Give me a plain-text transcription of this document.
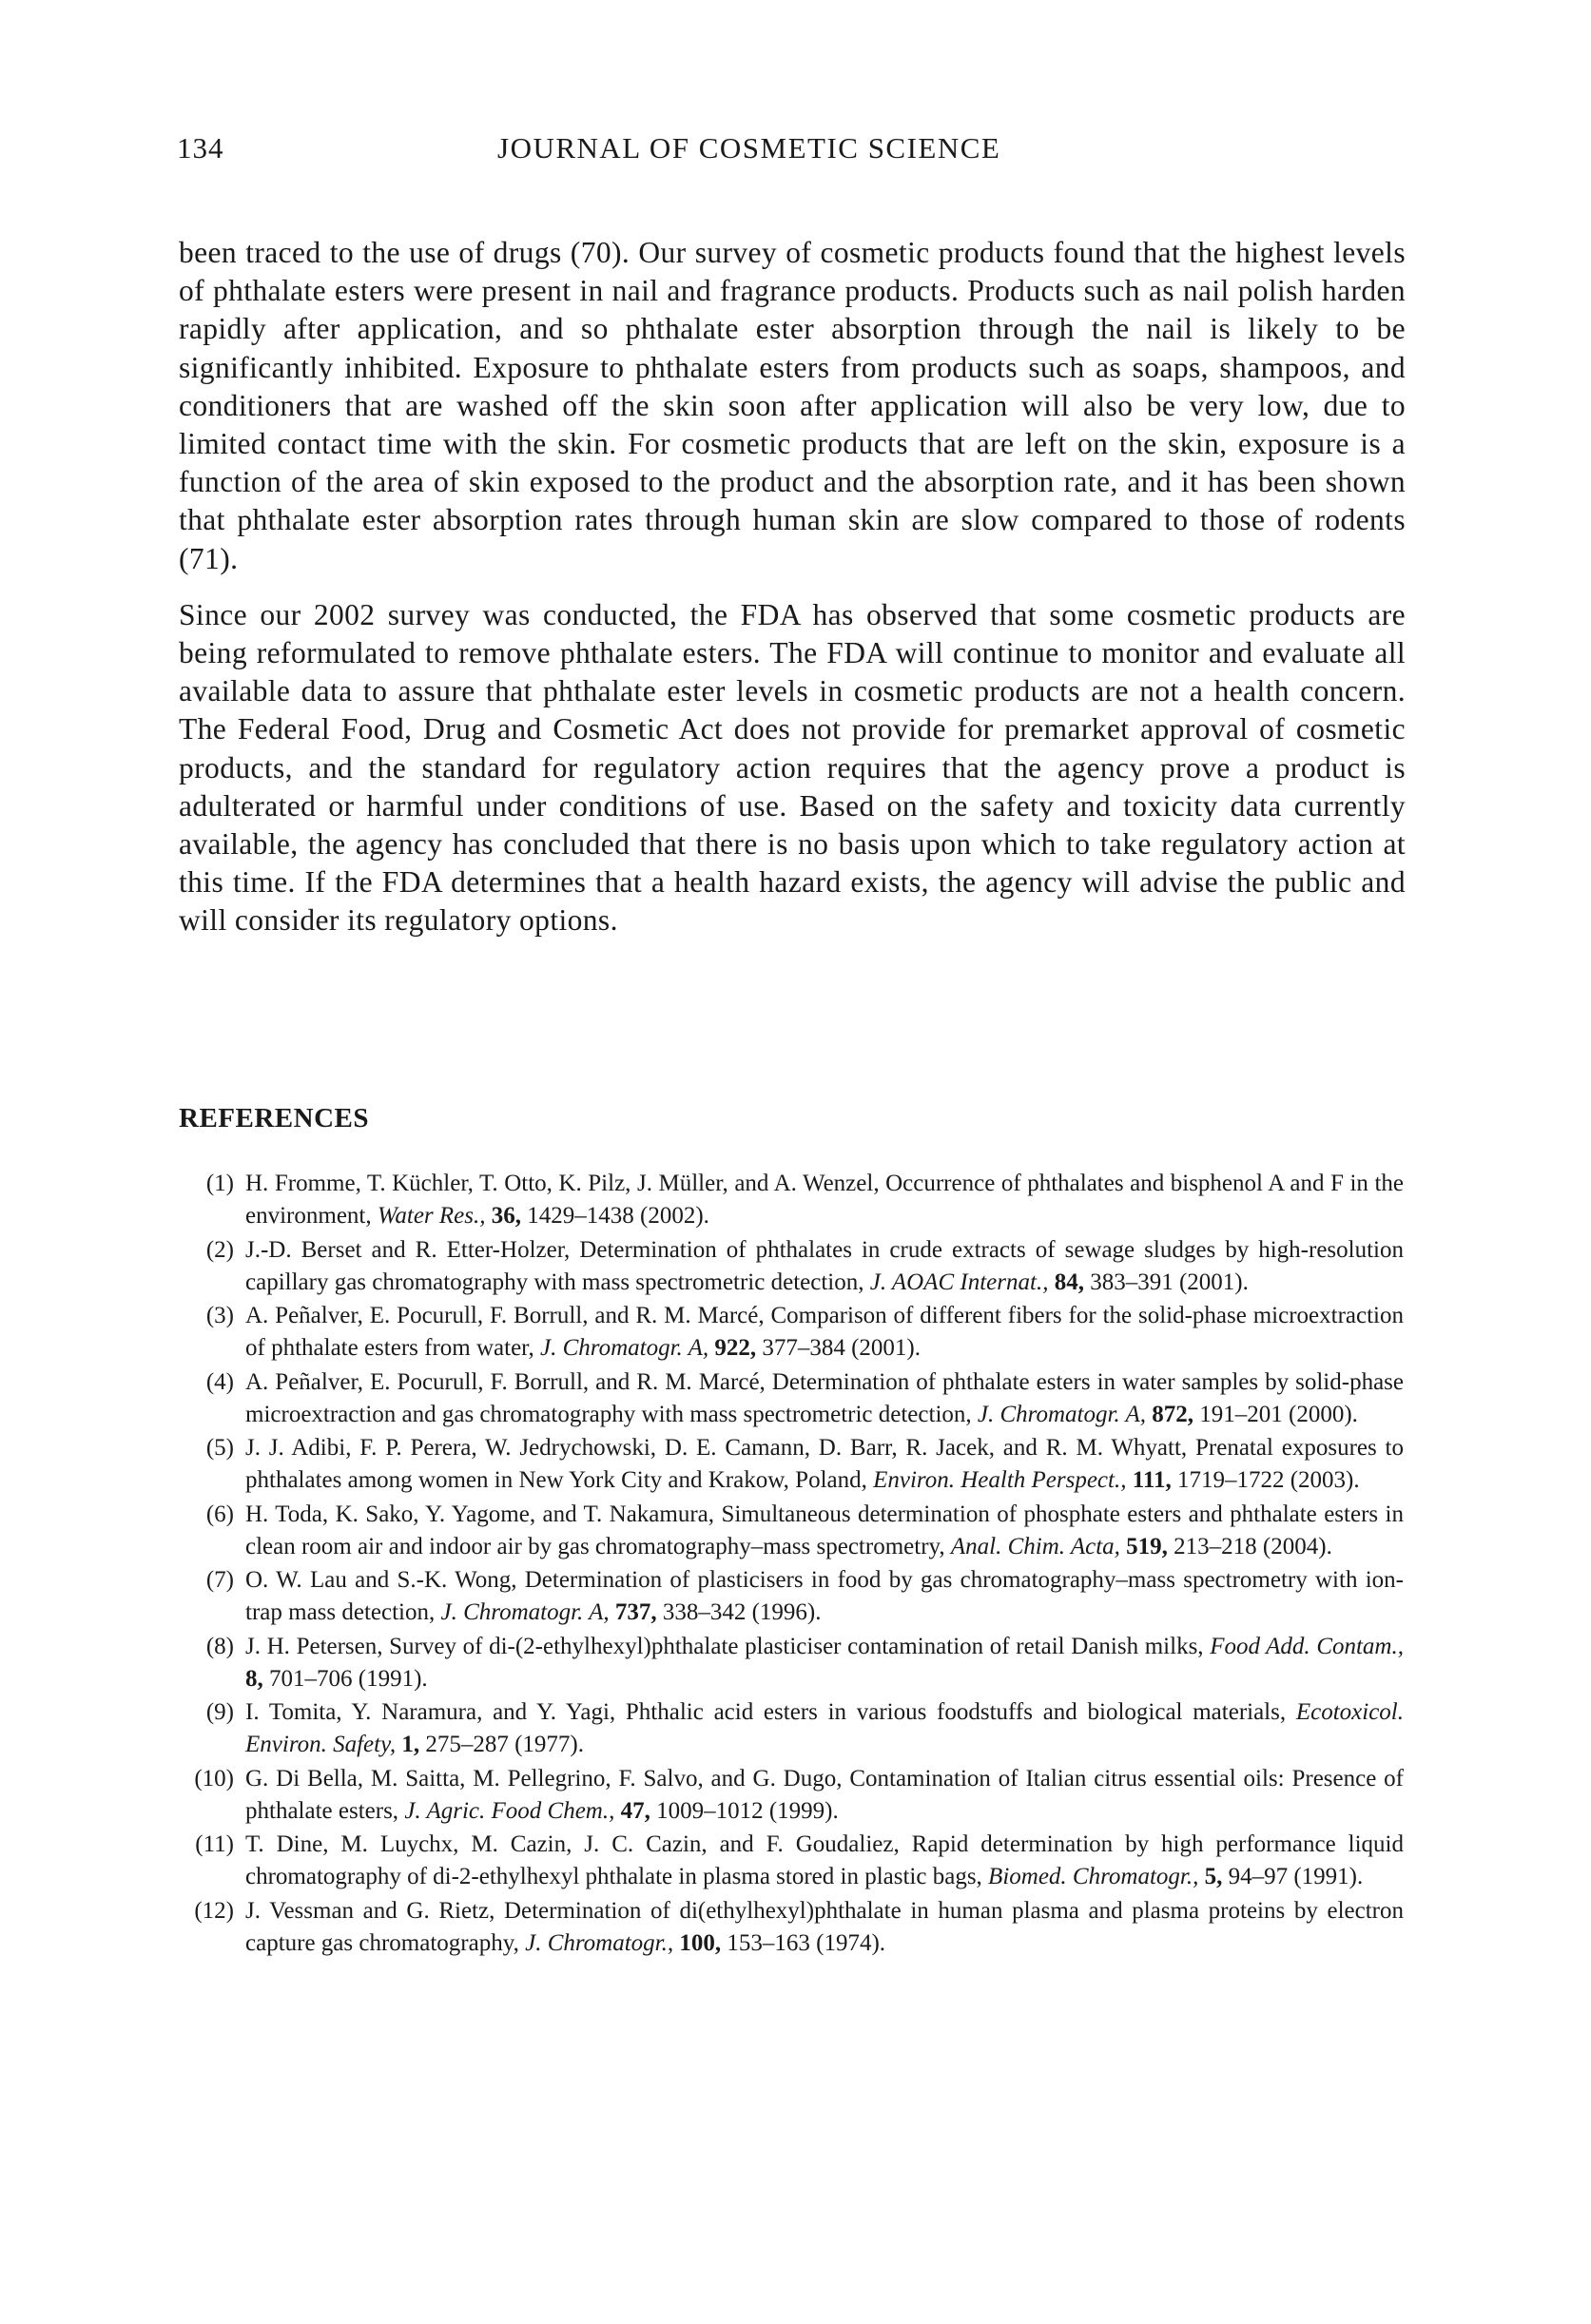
134	JOURNAL OF COSMETIC SCIENCE

been traced to the use of drugs (70). Our survey of cosmetic products found that the highest levels of phthalate esters were present in nail and fragrance products. Products such as nail polish harden rapidly after application, and so phthalate ester absorption through the nail is likely to be significantly inhibited. Exposure to phthalate esters from products such as soaps, shampoos, and conditioners that are washed off the skin soon after application will also be very low, due to limited contact time with the skin. For cosmetic products that are left on the skin, exposure is a function of the area of skin exposed to the product and the absorption rate, and it has been shown that phthalate ester absorption rates through human skin are slow compared to those of rodents (71).

Since our 2002 survey was conducted, the FDA has observed that some cosmetic products are being reformulated to remove phthalate esters. The FDA will continue to monitor and evaluate all available data to assure that phthalate ester levels in cosmetic products are not a health concern. The Federal Food, Drug and Cosmetic Act does not provide for premarket approval of cosmetic products, and the standard for regulatory action requires that the agency prove a product is adulterated or harmful under conditions of use. Based on the safety and toxicity data currently available, the agency has concluded that there is no basis upon which to take regulatory action at this time. If the FDA determines that a health hazard exists, the agency will advise the public and will consider its regulatory options.

REFERENCES
(1) H. Fromme, T. Küchler, T. Otto, K. Pilz, J. Müller, and A. Wenzel, Occurrence of phthalates and bisphenol A and F in the environment, Water Res., 36, 1429–1438 (2002).
(2) J.-D. Berset and R. Etter-Holzer, Determination of phthalates in crude extracts of sewage sludges by high-resolution capillary gas chromatography with mass spectrometric detection, J. AOAC Internat., 84, 383–391 (2001).
(3) A. Peñalver, E. Pocurull, F. Borrull, and R. M. Marcé, Comparison of different fibers for the solid-phase microextraction of phthalate esters from water, J. Chromatogr. A, 922, 377–384 (2001).
(4) A. Peñalver, E. Pocurull, F. Borrull, and R. M. Marcé, Determination of phthalate esters in water samples by solid-phase microextraction and gas chromatography with mass spectrometric detection, J. Chromatogr. A, 872, 191–201 (2000).
(5) J. J. Adibi, F. P. Perera, W. Jedrychowski, D. E. Camann, D. Barr, R. Jacek, and R. M. Whyatt, Prenatal exposures to phthalates among women in New York City and Krakow, Poland, Environ. Health Perspect., 111, 1719–1722 (2003).
(6) H. Toda, K. Sako, Y. Yagome, and T. Nakamura, Simultaneous determination of phosphate esters and phthalate esters in clean room air and indoor air by gas chromatography–mass spectrometry, Anal. Chim. Acta, 519, 213–218 (2004).
(7) O. W. Lau and S.-K. Wong, Determination of plasticisers in food by gas chromatography–mass spectrometry with ion-trap mass detection, J. Chromatogr. A, 737, 338–342 (1996).
(8) J. H. Petersen, Survey of di-(2-ethylhexyl)phthalate plasticiser contamination of retail Danish milks, Food Add. Contam., 8, 701–706 (1991).
(9) I. Tomita, Y. Naramura, and Y. Yagi, Phthalic acid esters in various foodstuffs and biological materials, Ecotoxicol. Environ. Safety, 1, 275–287 (1977).
(10) G. Di Bella, M. Saitta, M. Pellegrino, F. Salvo, and G. Dugo, Contamination of Italian citrus essential oils: Presence of phthalate esters, J. Agric. Food Chem., 47, 1009–1012 (1999).
(11) T. Dine, M. Luychx, M. Cazin, J. C. Cazin, and F. Goudaliez, Rapid determination by high performance liquid chromatography of di-2-ethylhexyl phthalate in plasma stored in plastic bags, Biomed. Chromatogr., 5, 94–97 (1991).
(12) J. Vessman and G. Rietz, Determination of di(ethylhexyl)phthalate in human plasma and plasma proteins by electron capture gas chromatography, J. Chromatogr., 100, 153–163 (1974).
